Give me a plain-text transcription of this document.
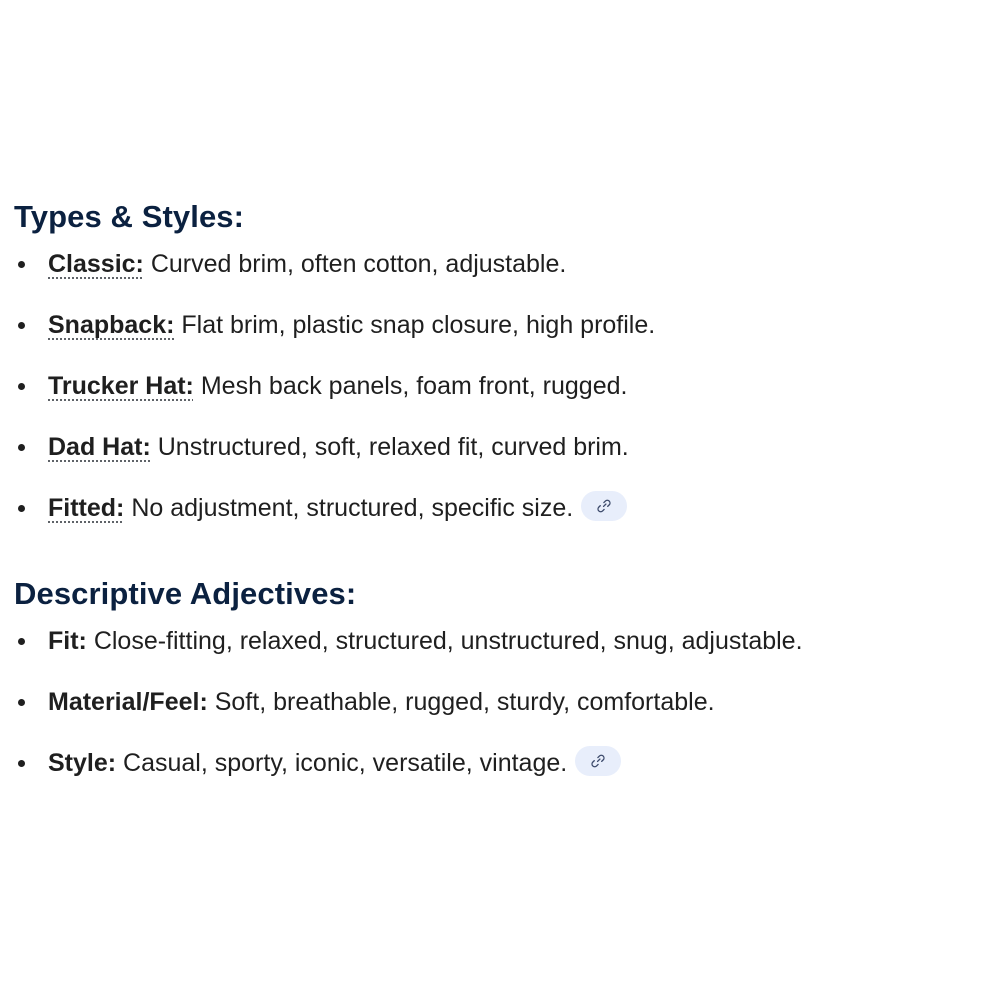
Types & Styles:
Classic: Curved brim, often cotton, adjustable.
Snapback: Flat brim, plastic snap closure, high profile.
Trucker Hat: Mesh back panels, foam front, rugged.
Dad Hat: Unstructured, soft, relaxed fit, curved brim.
Fitted: No adjustment, structured, specific size.
Descriptive Adjectives:
Fit: Close-fitting, relaxed, structured, unstructured, snug, adjustable.
Material/Feel: Soft, breathable, rugged, sturdy, comfortable.
Style: Casual, sporty, iconic, versatile, vintage.
